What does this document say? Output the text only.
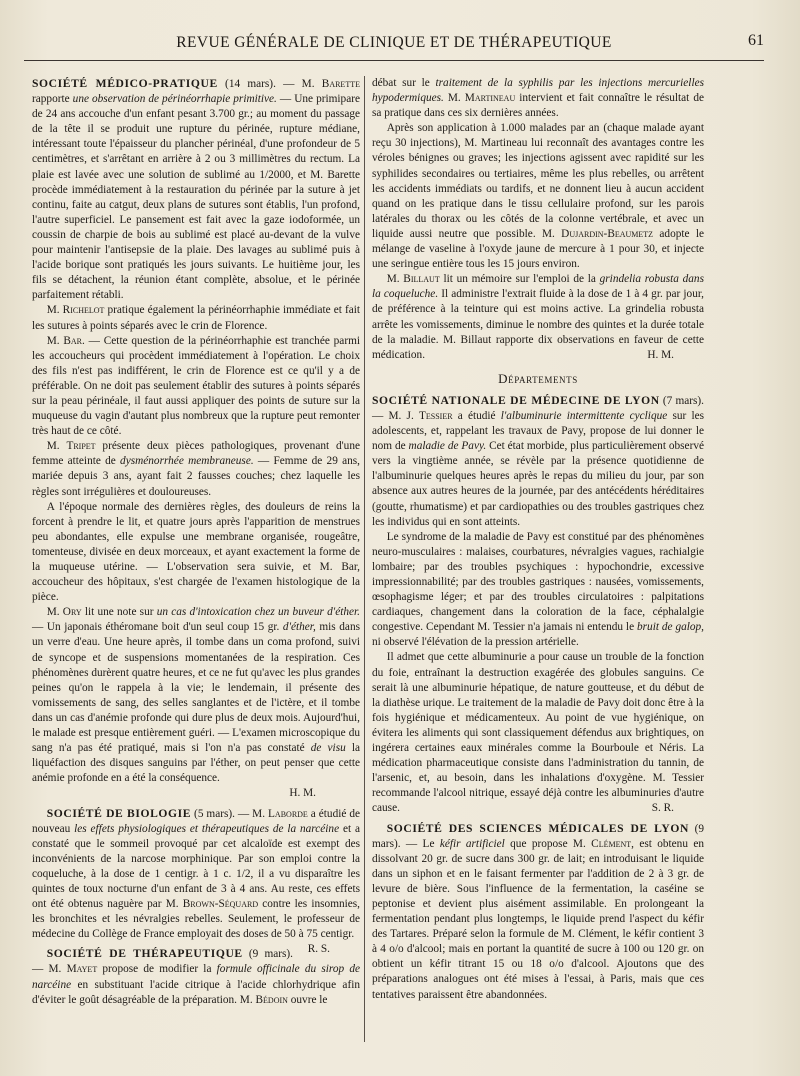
REVUE GÉNÉRALE DE CLINIQUE ET DE THÉRAPEUTIQUE	61

SOCIÉTÉ MÉDICO-PRATIQUE (14 mars). — M. Barette rapporte une observation de périnéorrhapie primitive. — Une primipare de 24 ans accouche d'un enfant pesant 3.700 gr.; au moment du passage de la tête il se produit une rupture du périnée, rupture médiane, intéressant toute l'épaisseur du plancher périnéal, d'une profondeur de 5 centimètres, et s'arrêtant en arrière à 2 ou 3 millimètres du rectum. La plaie est lavée avec une solution de sublimé au 1/2000, et M. Barette procède immédiatement à la restauration du périnée par la suture à jet continu, faite au catgut, deux plans de sutures sont établis, l'un profond, l'autre superficiel. Le pansement est fait avec la gaze iodoformée, un coussin de charpie de bois au sublimé est placé au-devant de la vulve pour maintenir l'antisepsie de la plaie. Des lavages au sublimé puis à l'acide borique sont pratiqués les jours suivants. Le huitième jour, les fils se détachent, la réunion étant complète, absolue, et le périnée parfaitement rétabli.

M. Richelot pratique également la périnéorrhaphie immédiate et fait les sutures à points séparés avec le crin de Florence.

M. Bar. — Cette question de la périnéorrhaphie est tranchée parmi les accoucheurs qui procèdent immédiatement à l'opération. Le choix des fils n'est pas indifférent, le crin de Florence est ce qu'il y a de préférable. On ne doit pas seulement établir des sutures à points séparés sur la peau périnéale, il faut aussi appliquer des points de suture sur la muqueuse du vagin d'autant plus nombreux que la rupture peut remonter très haut de ce côté.

M. Tripet présente deux pièces pathologiques, provenant d'une femme atteinte de dysménorrhée membraneuse. — Femme de 29 ans, mariée depuis 3 ans, ayant fait 2 fausses couches; chez laquelle les règles sont irrégulières et douloureuses.

A l'époque normale des dernières règles, des douleurs de reins la forcent à prendre le lit, et quatre jours après l'apparition de menstrues peu abondantes, elle expulse une membrane organisée, rougeâtre, tomenteuse, divisée en deux morceaux, et ayant exactement la forme de la muqueuse utérine. — L'observation sera suivie, et M. Bar, accoucheur des hôpitaux, s'est chargée de l'examen histologique de la pièce.

M. Ory lit une note sur un cas d'intoxication chez un buveur d'éther.— Un japonais éthéromane boit d'un seul coup 15 gr. d'éther, mis dans un verre d'eau. Une heure après, il tombe dans un coma profond, suivi de syncope et de suspensions momentanées de la respiration. Ces phénomènes durèrent quatre heures, et ce ne fut qu'avec les plus grandes peines qu'on le rappela à la vie; le lendemain, il présente des vomissements de sang, des selles sanglantes et de l'ictère, et il tombe dans un cas d'anémie profonde qui dure plus de deux mois. Aujourd'hui, le malade est presque entièrement guéri. — L'examen microscopique du sang n'a pas été pratiqué, mais si l'on n'a pas constaté de visu la liquéfaction des disques sanguins par l'éther, on peut penser que cette anémie profonde en a été la conséquence.

H. M.

SOCIÉTÉ DE BIOLOGIE (5 mars). — M. Laborde a étudié de nouveau les effets physiologiques et thérapeutiques de la narcéine et a constaté que le sommeil provoqué par cet alcaloïde est exempt des inconvénients de la narcose morphinique. Par son emploi contre la coqueluche, à la dose de 1 centigr. à 1 c. 1/2, il a vu disparaître les quintes de toux nocturne d'un enfant de 3 à 4 ans. Au reste, ces effets ont été obtenus naguère par M. Brown-Séquard contre les insomnies, les bronchites et les névralgies rebelles. Seulement, le professeur de médecine du Collège de France employait des doses de 50 à 75 centigr.
R. S.

SOCIÉTÉ DE THÉRAPEUTIQUE (9 mars). — M. Mayet propose de modifier la formule officinale du sirop de narcéine en substituant l'acide citrique à l'acide chlorhydrique afin d'éviter le goût désagréable de la préparation. M. Bédoin ouvre le

débat sur le traitement de la syphilis par les injections mercurielles hypodermiques. M. Martineau intervient et fait connaître le résultat de sa pratique dans ces six dernières années.

Après son application à 1.000 malades par an (chaque malade ayant reçu 30 injections), M. Martineau lui reconnaît des avantages contre les véroles bénignes ou graves; les injections agissent avec rapidité sur les syphilides secondaires ou tertiaires, même les plus rebelles, ou arrêtent les accidents immédiats ou tardifs, et ne donnent lieu à aucun accident quand on les pratique dans le tissu cellulaire profond, sur les parois latérales du thorax ou les côtés de la colonne vertébrale, et avec un liquide aussi neutre que possible. M. Dujardin-Beaumetz adopte le mélange de vaseline à l'oxyde jaune de mercure à 1 pour 30, et injecte une seringue entière tous les 15 jours environ.

M. Billaut lit un mémoire sur l'emploi de la grindelia robusta dans la coqueluche. Il administre l'extrait fluide à la dose de 1 à 4 gr. par jour, de préférence à la teinture qui est moins active. La grindelia robusta arrête les vomissements, diminue le nombre des quintes et la durée totale de la maladie. M. Billaut rapporte dix observations en faveur de cette médication.	H. M.

Départements

SOCIÉTÉ NATIONALE DE MÉDECINE DE LYON (7 mars). — M. J. Tessier a étudié l'albuminurie intermittente cyclique sur les adolescents, et, rappelant les travaux de Pavy, propose de lui donner le nom de maladie de Pavy. Cet état morbide, plus particulièrement observé vers la vingtième année, se révèle par la présence quotidienne de l'albuminurie quelques heures après le repas du milieu du jour, par son absence aux autres heures de la journée, par des antécédents héréditaires (goutte, rhumatisme) et par cardiopathies ou des troubles gastriques chez les individus qui en sont atteints.

Le syndrome de la maladie de Pavy est constitué par des phénomènes neuro-musculaires : malaises, courbatures, névralgies vagues, rachialgie lombaire; par des troubles psychiques : hypochondrie, excessive impressionnabilité; par des troubles gastriques : nausées, vomissements, œsophagisme léger; et par des troubles circulatoires : palpitations cardiaques, changement dans la coloration de la face, céphalalgie congestive. Cependant M. Tessier n'a jamais ni entendu le bruit de galop, ni observé l'élévation de la pression artérielle.

Il admet que cette albuminurie a pour cause un trouble de la fonction du foie, entraînant la destruction exagérée des globules sanguins. Ce serait là une albuminurie hépatique, de nature goutteuse, et du début de la diathèse urique. Le traitement de la maladie de Pavy doit donc être à la fois hygiénique et médicamenteux. Au point de vue hygiénique, on évitera les aliments qui sont classiquement défendus aux brightiques, on ingérera certaines eaux minérales comme la Bourboule et Néris. La médication pharmaceutique consiste dans l'administration du tannin, de l'arsenic, et, au besoin, dans les inhalations d'oxygène. M. Tessier recommande l'alcool nitrique, essayé déjà contre les albuminuries d'autre cause.	S. R.

SOCIÉTÉ DES SCIENCES MÉDICALES DE LYON (9 mars). — Le kéfir artificiel que propose M. Clément, est obtenu en dissolvant 20 gr. de sucre dans 300 gr. de lait; en introduisant le liquide dans un siphon et en le faisant fermenter par l'addition de 2 à 3 gr. de levure de bière. Sous l'influence de la fermentation, la caséine se peptonise et devient plus aisément assimilable. En prolongeant la fermentation pendant plus longtemps, le liquide prend l'aspect du kéfir des Tartares. Préparé selon la formule de M. Clément, le kéfir contient 3 à 4 o/o d'alcool; mais en portant la quantité de sucre à 100 ou 120 gr. on obtient un kéfir titrant 15 ou 18 o/o d'alcool. Ajoutons que des préparations analogues ont été mises à l'essai, à Paris, mais que ces tentatives paraissent être abandonnées.
